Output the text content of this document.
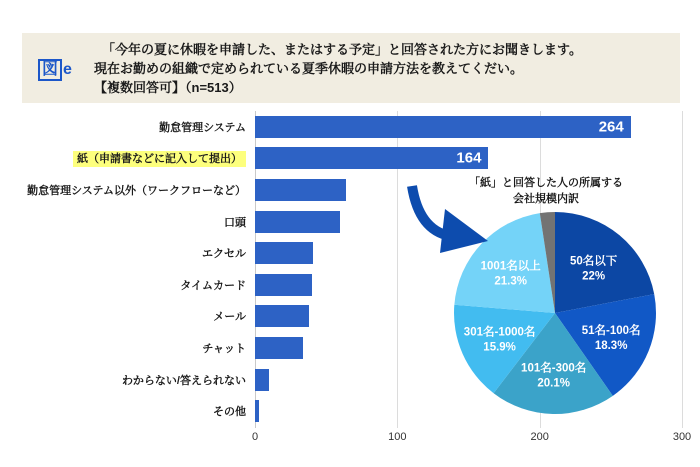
図 e
「今年の夏に休暇を申請した、またはする予定」と回答された方にお聞きします。
現在お勤めの組織で定められている夏季休暇の申請方法を教えてくだい。
【複数回答可】（n=513）
勤怠管理システム	264
紙（申請書などに記入して提出）	164
勤怠管理システム以外（ワークフローなど）
口頭
エクセル
タイムカード
メール
チャット
わからない/答えられない
その他
0	100	200	300
「紙」と回答した人の所属する
会社規模内訳
50名以下 22%
51名-100名 18.3%
101名-300名 20.1%
301名-1000名 15.9%
1001名以上 21.3%
